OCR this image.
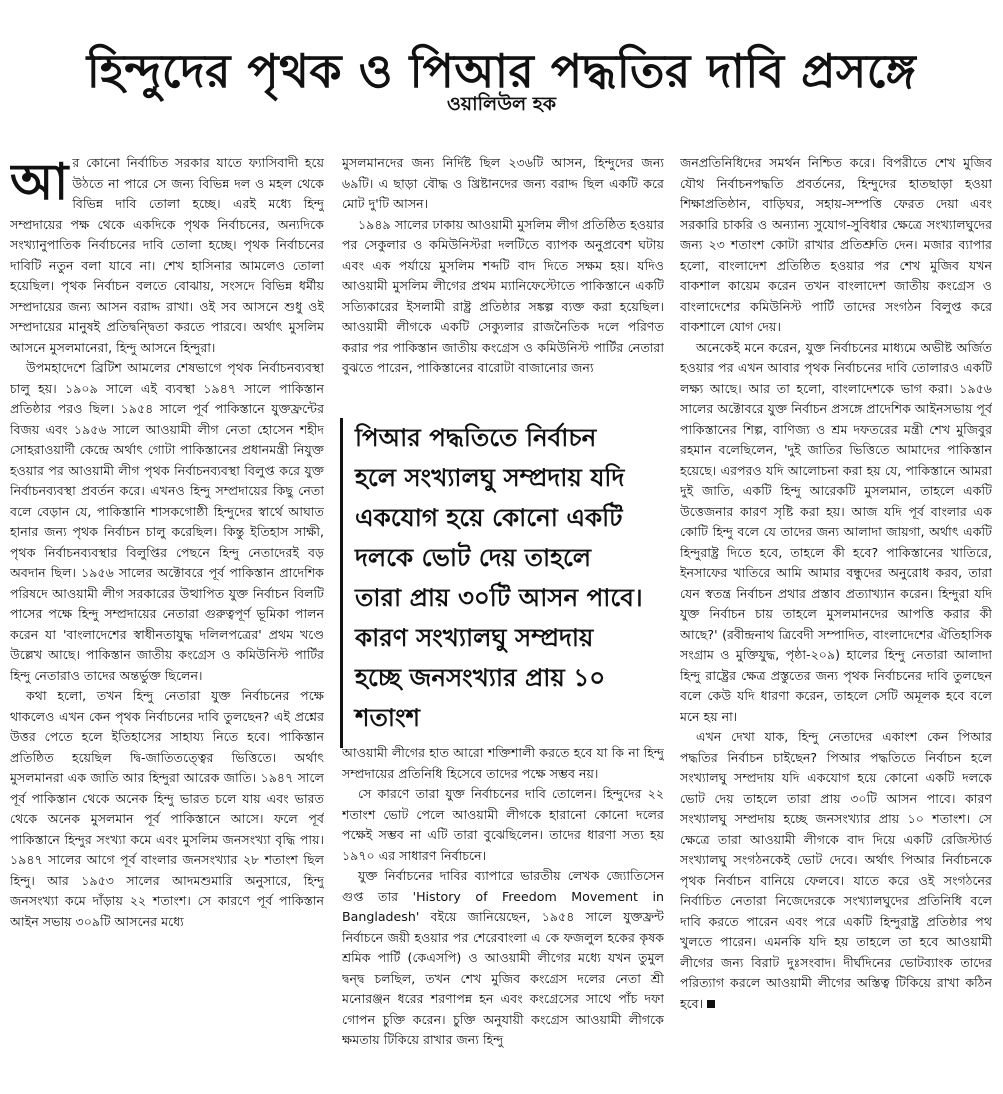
হিন্দুদের পৃথক ও পিআর পদ্ধতির দাবি প্রসঙ্গে
ওয়ালিউল হক

আর কোনো নির্বাচিত সরকার যাতে ফ্যাসিবাদী হয়ে উঠতে না পারে সে জন্য বিভিন্ন দল ও মহল থেকে বিভিন্ন দাবি তোলা হচ্ছে। এরই মধ্যে হিন্দু সম্প্রদায়ের পক্ষ থেকে একদিকে পৃথক নির্বাচনের, অন্যদিকে সংখ্যানুপাতিক নির্বাচনের দাবি তোলা হচ্ছে। পৃথক নির্বাচনের দাবিটি নতুন বলা যাবে না। শেখ হাসিনার আমলেও তোলা হয়েছিল। পৃথক নির্বাচন বলতে বোঝায়, সংসদে বিভিন্ন ধর্মীয় সম্প্রদায়ের জন্য আসন বরাদ্দ রাখা। ওই সব আসনে শুধু ওই সম্প্রদায়ের মানুষই প্রতিদ্বন্দ্বিতা করতে পারবে। অর্থাৎ মুসলিম আসনে মুসলমানেরা, হিন্দু আসনে হিন্দুরা।

উপমহাদেশে ব্রিটিশ আমলের শেষভাগে পৃথক নির্বাচনব্যবস্থা চালু হয়। ১৯০৯ সালে এই ব্যবস্থা ১৯৪৭ সালে পাকিস্তান প্রতিষ্ঠার পরও ছিল। ১৯৫৪ সালে পূর্ব পাকিস্তানে যুক্তফ্রন্টের বিজয় এবং ১৯৫৬ সালে আওয়ামী লীগ নেতা হোসেন শহীদ সোহরাওয়ার্দী কেন্দ্রে অর্থাৎ গোটা পাকিস্তানের প্রধানমন্ত্রী নিযুক্ত হওয়ার পর আওয়ামী লীগ পৃথক নির্বাচনব্যবস্থা বিলুপ্ত করে যুক্ত নির্বাচনব্যবস্থা প্রবর্তন করে। এখনও হিন্দু সম্প্রদায়ের কিছু নেতা বলে বেড়ান যে, পাকিস্তানি শাসকগোষ্ঠী হিন্দুদের স্বার্থে আঘাত হানার জন্য পৃথক নির্বাচন চালু করেছিল। কিন্তু ইতিহাস সাক্ষী, পৃথক নির্বাচনব্যবস্থার বিলুপ্তির পেছনে হিন্দু নেতাদেরই বড় অবদান ছিল। ১৯৫৬ সালের অক্টোবরে পূর্ব পাকিস্তান প্রাদেশিক পরিষদে আওয়ামী লীগ সরকারের উত্থাপিত যুক্ত নির্বাচন বিলটি পাসের পক্ষে হিন্দু সম্প্রদায়ের নেতারা গুরুত্বপূর্ণ ভূমিকা পালন করেন যা 'বাংলাদেশের স্বাধীনতাযুদ্ধ দলিলপত্রের' প্রথম খণ্ডে উল্লেখ আছে। পাকিস্তান জাতীয় কংগ্রেস ও কমিউনিস্ট পার্টির হিন্দু নেতারাও তাদের অন্তর্ভুক্ত ছিলেন।

কথা হলো, তখন হিন্দু নেতারা যুক্ত নির্বাচনের পক্ষে থাকলেও এখন কেন পৃথক নির্বাচনের দাবি তুলছেন? এই প্রশ্নের উত্তর পেতে হলে ইতিহাসের সাহায্য নিতে হবে। পাকিস্তান প্রতিষ্ঠিত হয়েছিল দ্বি-জাতিতত্ত্বের ভিত্তিতে। অর্থাৎ মুসলমানরা এক জাতি আর হিন্দুরা আরেক জাতি। ১৯৪৭ সালে পূর্ব পাকিস্তান থেকে অনেক হিন্দু ভারত চলে যায় এবং ভারত থেকে অনেক মুসলমান পূর্ব পাকিস্তানে আসে। ফলে পূর্ব পাকিস্তানে হিন্দুর সংখ্যা কমে এবং মুসলিম জনসংখ্যা বৃদ্ধি পায়। ১৯৪৭ সালের আগে পূর্ব বাংলার জনসংখ্যার ২৮ শতাংশ ছিল হিন্দু। আর ১৯৫৩ সালের আদমশুমারি অনুসারে, হিন্দু জনসংখ্যা কমে দাঁড়ায় ২২ শতাংশ। সে কারণে পূর্ব পাকিস্তান আইন সভায় ৩০৯টি আসনের মধ্যে

মুসলমানদের জন্য নির্দিষ্ট ছিল ২৩৬টি আসন, হিন্দুদের জন্য ৬৯টি। এ ছাড়া বৌদ্ধ ও খ্রিষ্টানদের জন্য বরাদ্দ ছিল একটি করে মোট দু'টি আসন।

১৯৪৯ সালের ঢাকায় আওয়ামী মুসলিম লীগ প্রতিষ্ঠিত হওয়ার পর সেকুলার ও কমিউনিস্টরা দলটিতে ব্যাপক অনুপ্রবেশ ঘটায় এবং এক পর্যায়ে মুসলিম শব্দটি বাদ দিতে সক্ষম হয়। যদিও আওয়ামী মুসলিম লীগের প্রথম ম্যানিফেস্টোতে পাকিস্তানে একটি সত্যিকারের ইসলামী রাষ্ট্র প্রতিষ্ঠার সঙ্কল্প ব্যক্ত করা হয়েছিল। আওয়ামী লীগকে একটি সেক্যুলার রাজনৈতিক দলে পরিণত করার পর পাকিস্তান জাতীয় কংগ্রেস ও কমিউনিস্ট পার্টির নেতারা বুঝতে পারেন, পাকিস্তানের বারোটা বাজানোর জন্য

আওয়ামী লীগের হাত আরো শক্তিশালী করতে হবে যা কি না হিন্দু সম্প্রদায়ের প্রতিনিধি হিসেবে তাদের পক্ষে সম্ভব নয়।

সে কারণে তারা যুক্ত নির্বাচনের দাবি তোলেন। হিন্দুদের ২২ শতাংশ ভোট পেলে আওয়ামী লীগকে হারানো কোনো দলের পক্ষেই সম্ভব না এটি তারা বুঝেছিলেন। তাদের ধারণা সত্য হয় ১৯৭০ এর সাধারণ নির্বাচনে।

যুক্ত নির্বাচনের দাবির ব্যাপারে ভারতীয় লেখক জ্যোতিসেন গুপ্ত তার 'History of Freedom Movement in Bangladesh' বইয়ে জানিয়েছেন, ১৯৫৪ সালে যুক্তফ্রন্ট নির্বাচনে জয়ী হওয়ার পর শেরেবাংলা এ কে ফজলুল হকের কৃষক শ্রমিক পার্টি (কেএসপি) ও আওয়ামী লীগের মধ্যে যখন তুমুল দ্বন্দ্ব চলছিল, তখন শেখ মুজিব কংগ্রেস দলের নেতা শ্রী মনোরঞ্জন ধরের শরণাপন্ন হন এবং কংগ্রেসের সাথে পাঁচ দফা গোপন চুক্তি করেন। চুক্তি অনুযায়ী কংগ্রেস আওয়ামী লীগকে ক্ষমতায় টিকিয়ে রাখার জন্য হিন্দু

পিআর পদ্ধতিতে নির্বাচন হলে সংখ্যালঘু সম্প্রদায় যদি একযোগ হয়ে কোনো একটি দলকে ভোট দেয় তাহলে তারা প্রায় ৩০টি আসন পাবে। কারণ সংখ্যালঘু সম্প্রদায় হচ্ছে জনসংখ্যার প্রায় ১০ শতাংশ

জনপ্রতিনিধিদের সমর্থন নিশ্চিত করে। বিপরীতে শেখ মুজিব যৌথ নির্বাচনপদ্ধতি প্রবর্তনের, হিন্দুদের হাতছাড়া হওয়া শিক্ষাপ্রতিষ্ঠান, বাড়িঘর, সহায়-সম্পত্তি ফেরত দেয়া এবং সরকারি চাকরি ও অন্যান্য সুযোগ-সুবিধার ক্ষেত্রে সংখ্যালঘুদের জন্য ২৩ শতাংশ কোটা রাখার প্রতিশ্রুতি দেন। মজার ব্যাপার হলো, বাংলাদেশ প্রতিষ্ঠিত হওয়ার পর শেখ মুজিব যখন বাকশাল কায়েম করেন তখন বাংলাদেশ জাতীয় কংগ্রেস ও বাংলাদেশের কমিউনিস্ট পার্টি তাদের সংগঠন বিলুপ্ত করে বাকশালে যোগ দেয়।

অনেকেই মনে করেন, যুক্ত নির্বাচনের মাধ্যমে অভীষ্ট অর্জিত হওয়ার পর এখন আবার পৃথক নির্বাচনের দাবি তোলারও একটি লক্ষ্য আছে। আর তা হলো, বাংলাদেশকে ভাগ করা। ১৯৫৬ সালের অক্টোবরে যুক্ত নির্বাচন প্রসঙ্গে প্রাদেশিক আইনসভায় পূর্ব পাকিস্তানের শিল্প, বাণিজ্য ও শ্রম দফতরের মন্ত্রী শেখ মুজিবুর রহমান বলেছিলেন, 'দুই জাতির ভিত্তিতে আমাদের পাকিস্তান হয়েছে। এরপরও যদি আলোচনা করা হয় যে, পাকিস্তানে আমরা দুই জাতি, একটি হিন্দু আরেকটি মুসলমান, তাহলে একটি উত্তেজনার কারণ সৃষ্টি করা হয়। আজ যদি পূর্ব বাংলার এক কোটি হিন্দু বলে যে তাদের জন্য আলাদা জায়গা, অর্থাৎ একটি হিন্দুরাষ্ট্র দিতে হবে, তাহলে কী হবে? পাকিস্তানের খাতিরে, ইনসাফের খাতিরে আমি আমার বন্ধুদের অনুরোধ করব, তারা যেন স্বতন্ত্র নির্বাচন প্রথার প্রস্তাব প্রত্যাখ্যান করেন। হিন্দুরা যদি যুক্ত নির্বাচন চায় তাহলে মুসলমানদের আপত্তি করার কী আছে?' (রবীন্দ্রনাথ ত্রিবেদী সম্পাদিত, বাংলাদেশের ঐতিহাসিক সংগ্রাম ও মুক্তিযুদ্ধ, পৃষ্ঠা-২০৯) হালের হিন্দু নেতারা আলাদা হিন্দু রাষ্ট্রের ক্ষেত্র প্রস্তুতের জন্য পৃথক নির্বাচনের দাবি তুলছেন বলে কেউ যদি ধারণা করেন, তাহলে সেটি অমূলক হবে বলে মনে হয় না।

এখন দেখা যাক, হিন্দু নেতাদের একাংশ কেন পিআর পদ্ধতির নির্বাচন চাইছেন? পিআর পদ্ধতিতে নির্বাচন হলে সংখ্যালঘু সম্প্রদায় যদি একযোগ হয়ে কোনো একটি দলকে ভোট দেয় তাহলে তারা প্রায় ৩০টি আসন পাবে। কারণ সংখ্যালঘু সম্প্রদায় হচ্ছে জনসংখ্যার প্রায় ১০ শতাংশ। সে ক্ষেত্রে তারা আওয়ামী লীগকে বাদ দিয়ে একটি রেজিস্টার্ড সংখ্যালঘু সংগঠনকেই ভোট দেবে। অর্থাৎ পিআর নির্বাচনকে পৃথক নির্বাচন বানিয়ে ফেলবে। যাতে করে ওই সংগঠনের নির্বাচিত নেতারা নিজেদেরকে সংখ্যালঘুদের প্রতিনিধি বলে দাবি করতে পারেন এবং পরে একটি হিন্দুরাষ্ট্র প্রতিষ্ঠার পথ খুলতে পারেন। এমনকি যদি হয় তাহলে তা হবে আওয়ামী লীগের জন্য বিরাট দুঃসংবাদ। দীর্ঘদিনের ভোটব্যাংক তাদের পরিত্যাগ করলে আওয়ামী লীগের অস্তিত্ব টিকিয়ে রাখা কঠিন হবে।
